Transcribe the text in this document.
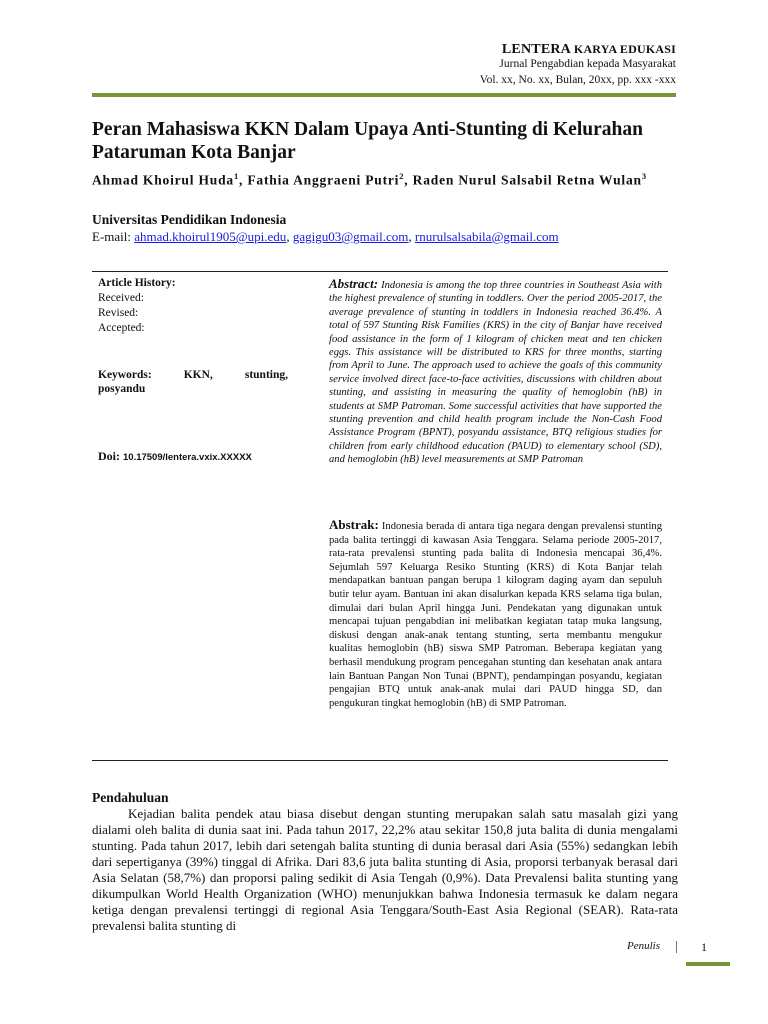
LENTERA KARYA EDUKASI
Jurnal Pengabdian kepada Masyarakat
Vol. xx, No. xx, Bulan, 20xx, pp. xxx -xxx
Peran Mahasiswa KKN Dalam Upaya Anti-Stunting di Kelurahan Pataruman Kota Banjar
Ahmad Khoirul Huda$^1$, Fathia Anggraeni Putri$^2$, Raden Nurul Salsabil Retna Wulan$^3$
Universitas Pendidikan Indonesia
E-mail: ahmad.khoirul1905@upi.edu, gagigu03@gmail.com, rnurulsalsabila@gmail.com
Article History:
Received:
Revised:
Accepted:
Keywords:	KKN,	stunting,
posyandu
Doi: 10.17509/lentera.vxix.XXXXX
Abstract: Indonesia is among the top three countries in Southeast Asia with the highest prevalence of stunting in toddlers. Over the period 2005-2017, the average prevalence of stunting in toddlers in Indonesia reached 36.4%. A total of 597 Stunting Risk Families (KRS) in the city of Banjar have received food assistance in the form of 1 kilogram of chicken meat and ten chicken eggs. This assistance will be distributed to KRS for three months, starting from April to June. The approach used to achieve the goals of this community service involved direct face-to-face activities, discussions with children about stunting, and assisting in measuring the quality of hemoglobin (hB) in students at SMP Patroman. Some successful activities that have supported the stunting prevention and child health program include the Non-Cash Food Assistance Program (BPNT), posyandu assistance, BTQ religious studies for children from early childhood education (PAUD) to elementary school (SD), and hemoglobin (hB) level measurements at SMP Patroman
Abstrak: Indonesia berada di antara tiga negara dengan prevalensi stunting pada balita tertinggi di kawasan Asia Tenggara. Selama periode 2005-2017, rata-rata prevalensi stunting pada balita di Indonesia mencapai 36,4%. Sejumlah 597 Keluarga Resiko Stunting (KRS) di Kota Banjar telah mendapatkan bantuan pangan berupa 1 kilogram daging ayam dan sepuluh butir telur ayam. Bantuan ini akan disalurkan kepada KRS selama tiga bulan, dimulai dari bulan April hingga Juni. Pendekatan yang digunakan untuk mencapai tujuan pengabdian ini melibatkan kegiatan tatap muka langsung, diskusi dengan anak-anak tentang stunting, serta membantu mengukur kualitas hemoglobin (hB) siswa SMP Patroman. Beberapa kegiatan yang berhasil mendukung program pencegahan stunting dan kesehatan anak antara lain Bantuan Pangan Non Tunai (BPNT), pendampingan posyandu, kegiatan pengajian BTQ untuk anak-anak mulai dari PAUD hingga SD, dan pengukuran tingkat hemoglobin (hB) di SMP Patroman.
Pendahuluan
Kejadian balita pendek atau biasa disebut dengan stunting merupakan salah satu masalah gizi yang dialami oleh balita di dunia saat ini. Pada tahun 2017, 22,2% atau sekitar 150,8 juta balita di dunia mengalami stunting. Pada tahun 2017, lebih dari setengah balita stunting di dunia berasal dari Asia (55%) sedangkan lebih dari sepertiganya (39%) tinggal di Afrika. Dari 83,6 juta balita stunting di Asia, proporsi terbanyak berasal dari Asia Selatan (58,7%) dan proporsi paling sedikit di Asia Tengah (0,9%). Data Prevalensi balita stunting yang dikumpulkan World Health Organization (WHO) menunjukkan bahwa Indonesia termasuk ke dalam negara ketiga dengan prevalensi tertinggi di regional Asia Tenggara/South-East Asia Regional (SEAR). Rata-rata prevalensi balita stunting di
Penulis	1
